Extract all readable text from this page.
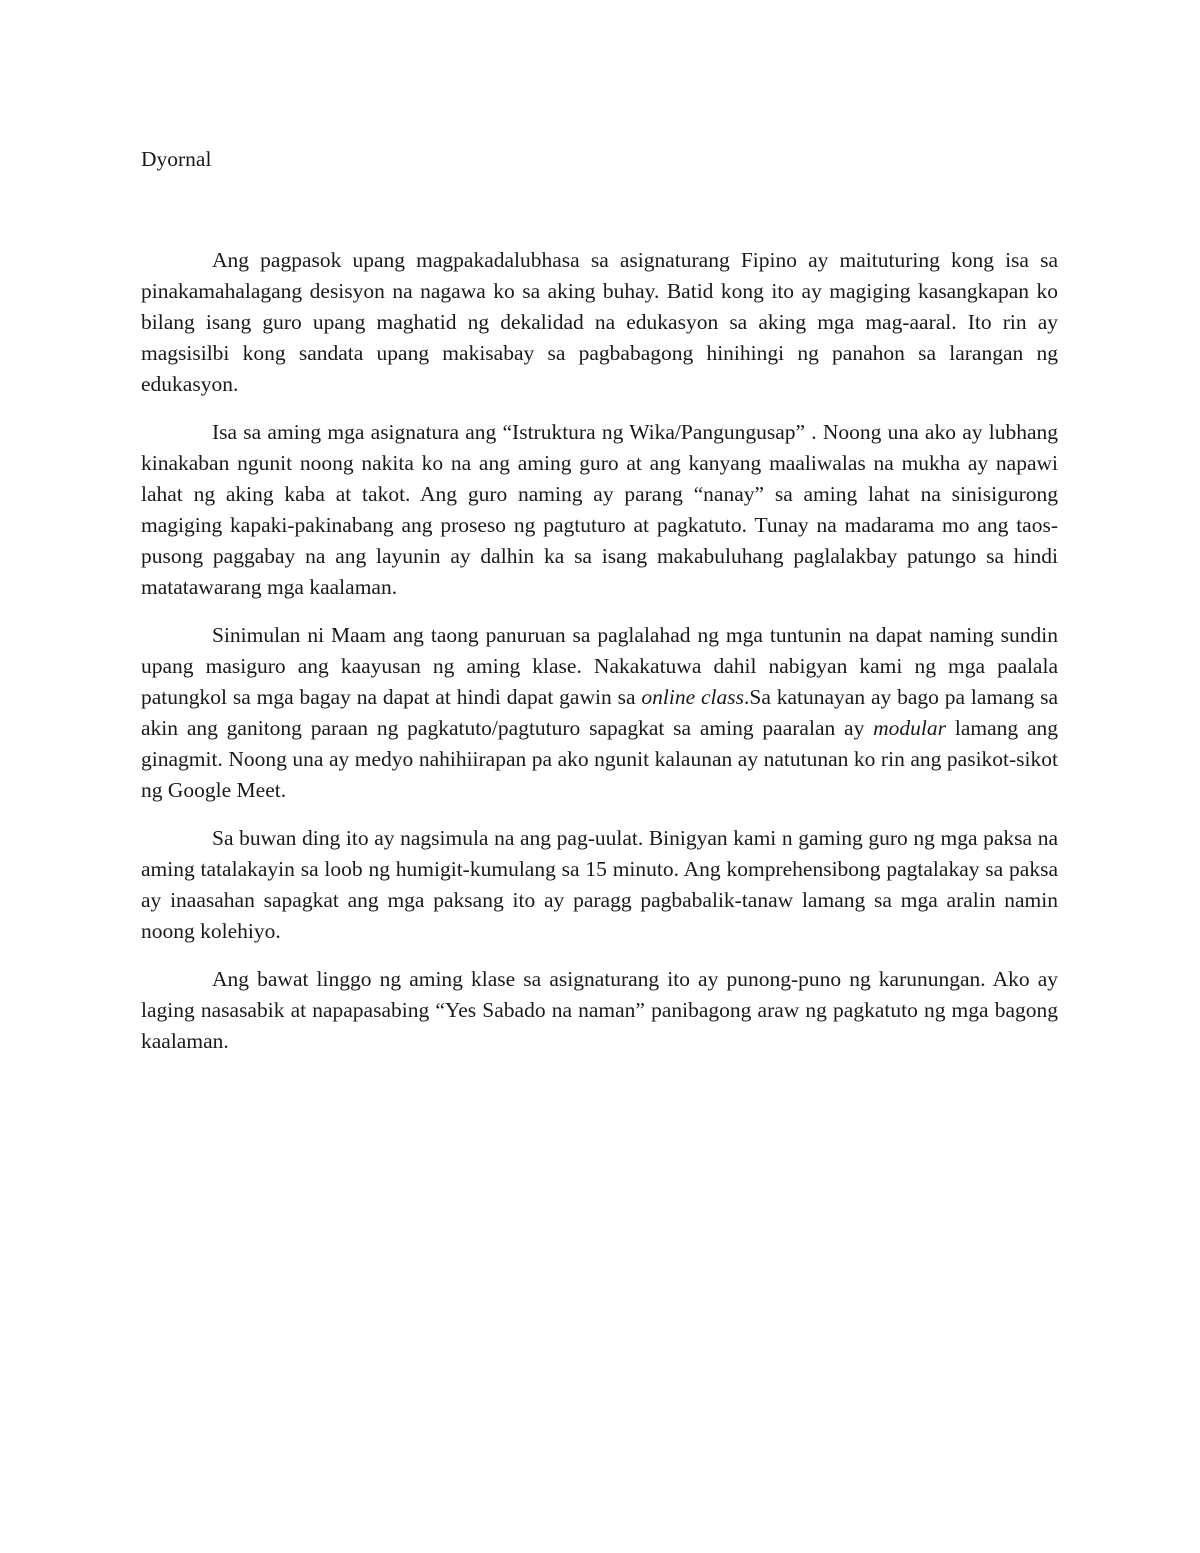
Dyornal

Ang pagpasok upang magpakadalubhasa sa asignaturang Fipino ay maituturing kong isa sa pinakamahalagang desisyon na nagawa ko sa aking buhay. Batid kong ito ay magiging kasangkapan ko bilang isang guro upang maghatid ng dekalidad na edukasyon sa aking mga mag-aaral. Ito rin ay magsisilbi kong sandata upang makisabay sa pagbabagong hinihingi ng panahon sa larangan ng edukasyon.

Isa sa aming mga asignatura ang “Istruktura ng Wika/Pangungusap” . Noong una ako ay lubhang kinakaban ngunit noong nakita ko na ang aming guro at ang kanyang maaliwalas na mukha ay napawi lahat ng aking kaba at takot. Ang guro naming ay parang “nanay” sa aming lahat na sinisigurong magiging kapaki-pakinabang ang proseso ng pagtuturo at pagkatuto. Tunay na madarama mo ang taos-pusong paggabay na ang layunin ay dalhin ka sa isang makabuluhang paglalakbay patungo sa hindi matatawarang mga kaalaman.

Sinimulan ni Maam ang taong panuruan sa paglalahad ng mga tuntunin na dapat naming sundin upang masiguro ang kaayusan ng aming klase. Nakakatuwa dahil nabigyan kami ng mga paalala patungkol sa mga bagay na dapat at hindi dapat gawin sa online class.Sa katunayan ay bago pa lamang sa akin ang ganitong paraan ng pagkatuto/pagtuturo sapagkat sa aming paaralan ay modular lamang ang ginagmit. Noong una ay medyo nahihiirapan pa ako ngunit kalaunan ay natutunan ko rin ang pasikot-sikot ng Google Meet.

Sa buwan ding ito ay nagsimula na ang pag-uulat. Binigyan kami n gaming guro ng mga paksa na aming tatalakayin sa loob ng humigit-kumulang sa 15 minuto. Ang komprehensibong pagtalakay sa paksa ay inaasahan sapagkat ang mga paksang ito ay paragg pagbabalik-tanaw lamang sa mga aralin namin noong kolehiyo.

Ang bawat linggo ng aming klase sa asignaturang ito ay punong-puno ng karunungan. Ako ay laging nasasabik at napapasabing “Yes Sabado na naman” panibagong araw ng pagkatuto ng mga bagong kaalaman.
